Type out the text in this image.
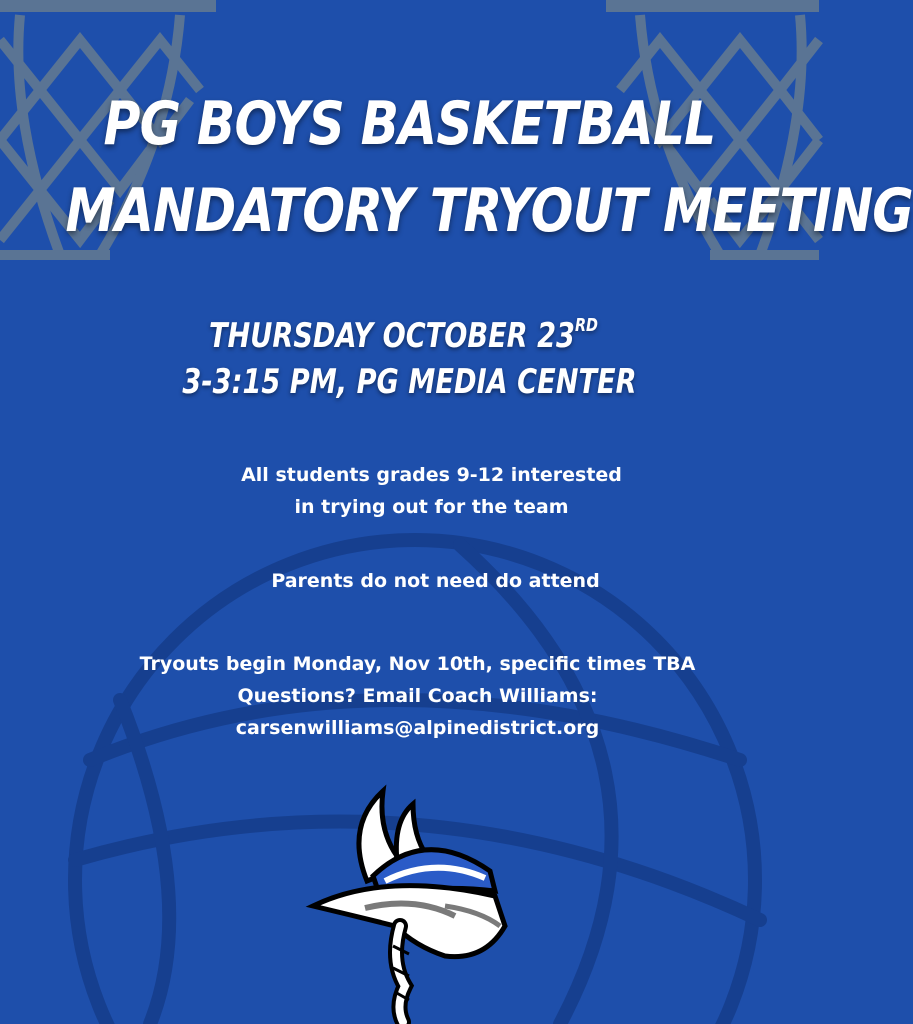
PG BOYS BASKETBALL
MANDATORY TRYOUT MEETING
THURSDAY OCTOBER 23RD
3-3:15 PM, PG MEDIA CENTER
All students grades 9-12 interested
in trying out for the team
Parents do not need do attend
Tryouts begin Monday, Nov 10th, specific times TBA
Questions? Email Coach Williams:
carsenwilliams@alpinedistrict.org
